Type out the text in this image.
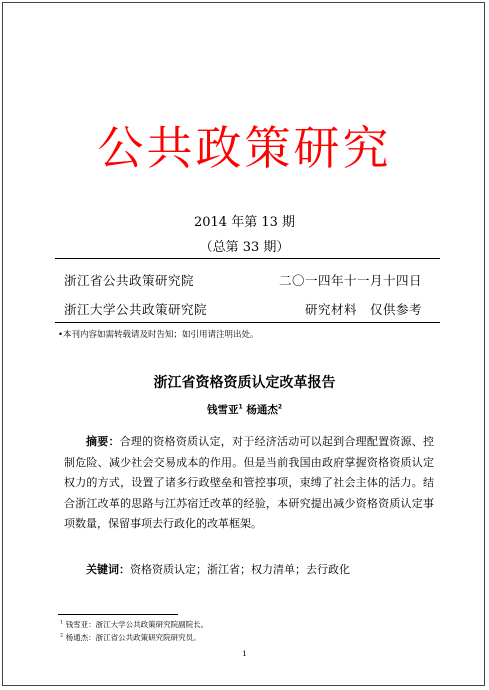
公共政策研究
2014 年第 13 期
（总第 33 期）
浙江省公共政策研究院	二〇一四年十一月十四日
浙江大学公共政策研究院	研究材料　仅供参考
•本刊内容如需转载请及时告知；如引用请注明出处。
浙江省资格资质认定改革报告
钱雪亚$^1$ 杨通杰$^2$

摘要：合理的资格资质认定，对于经济活动可以起到合理配置资源、控制危险、减少社会交易成本的作用。但是当前我国由政府掌握资格资质认定权力的方式，设置了诸多行政壁垒和管控事项，束缚了社会主体的活力。结合浙江改革的思路与江苏宿迁改革的经验，本研究提出减少资格资质认定事项数量，保留事项去行政化的改革框架。

关键词：资格资质认定；浙江省；权力清单；去行政化
$^1$ 钱雪亚：浙江大学公共政策研究院副院长。
$^2$ 杨通杰：浙江省公共政策研究院研究员。
1
